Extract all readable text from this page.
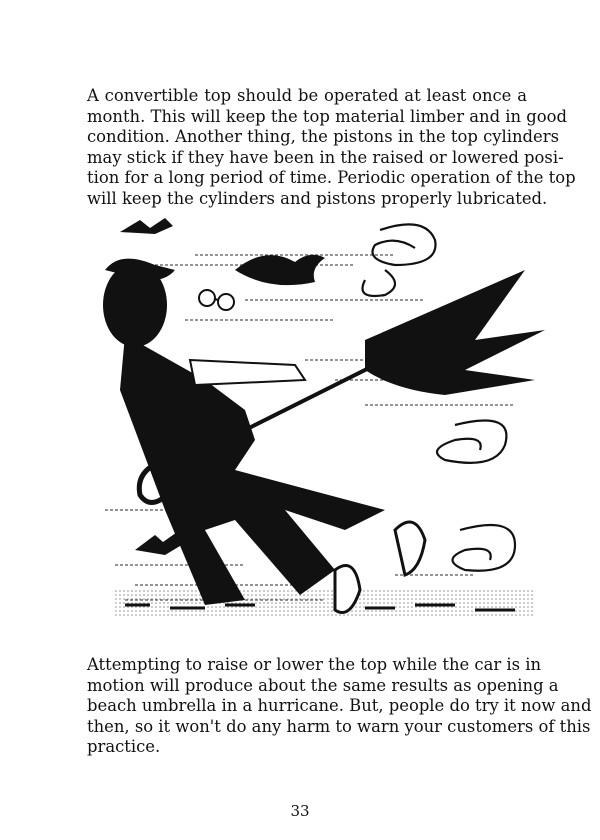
A convertible top should be operated at least once a
month. This will keep the top material limber and in good
condition. Another thing, the pistons in the top cylinders
may stick if they have been in the raised or lowered posi-
tion for a long period of time. Periodic operation of the top
will keep the cylinders and pistons properly lubricated.
Attempting to raise or lower the top while the car is in
motion will produce about the same results as opening a
beach umbrella in a hurricane. But, people do try it now and
then, so it won't do any harm to warn your customers of this
practice.
33
